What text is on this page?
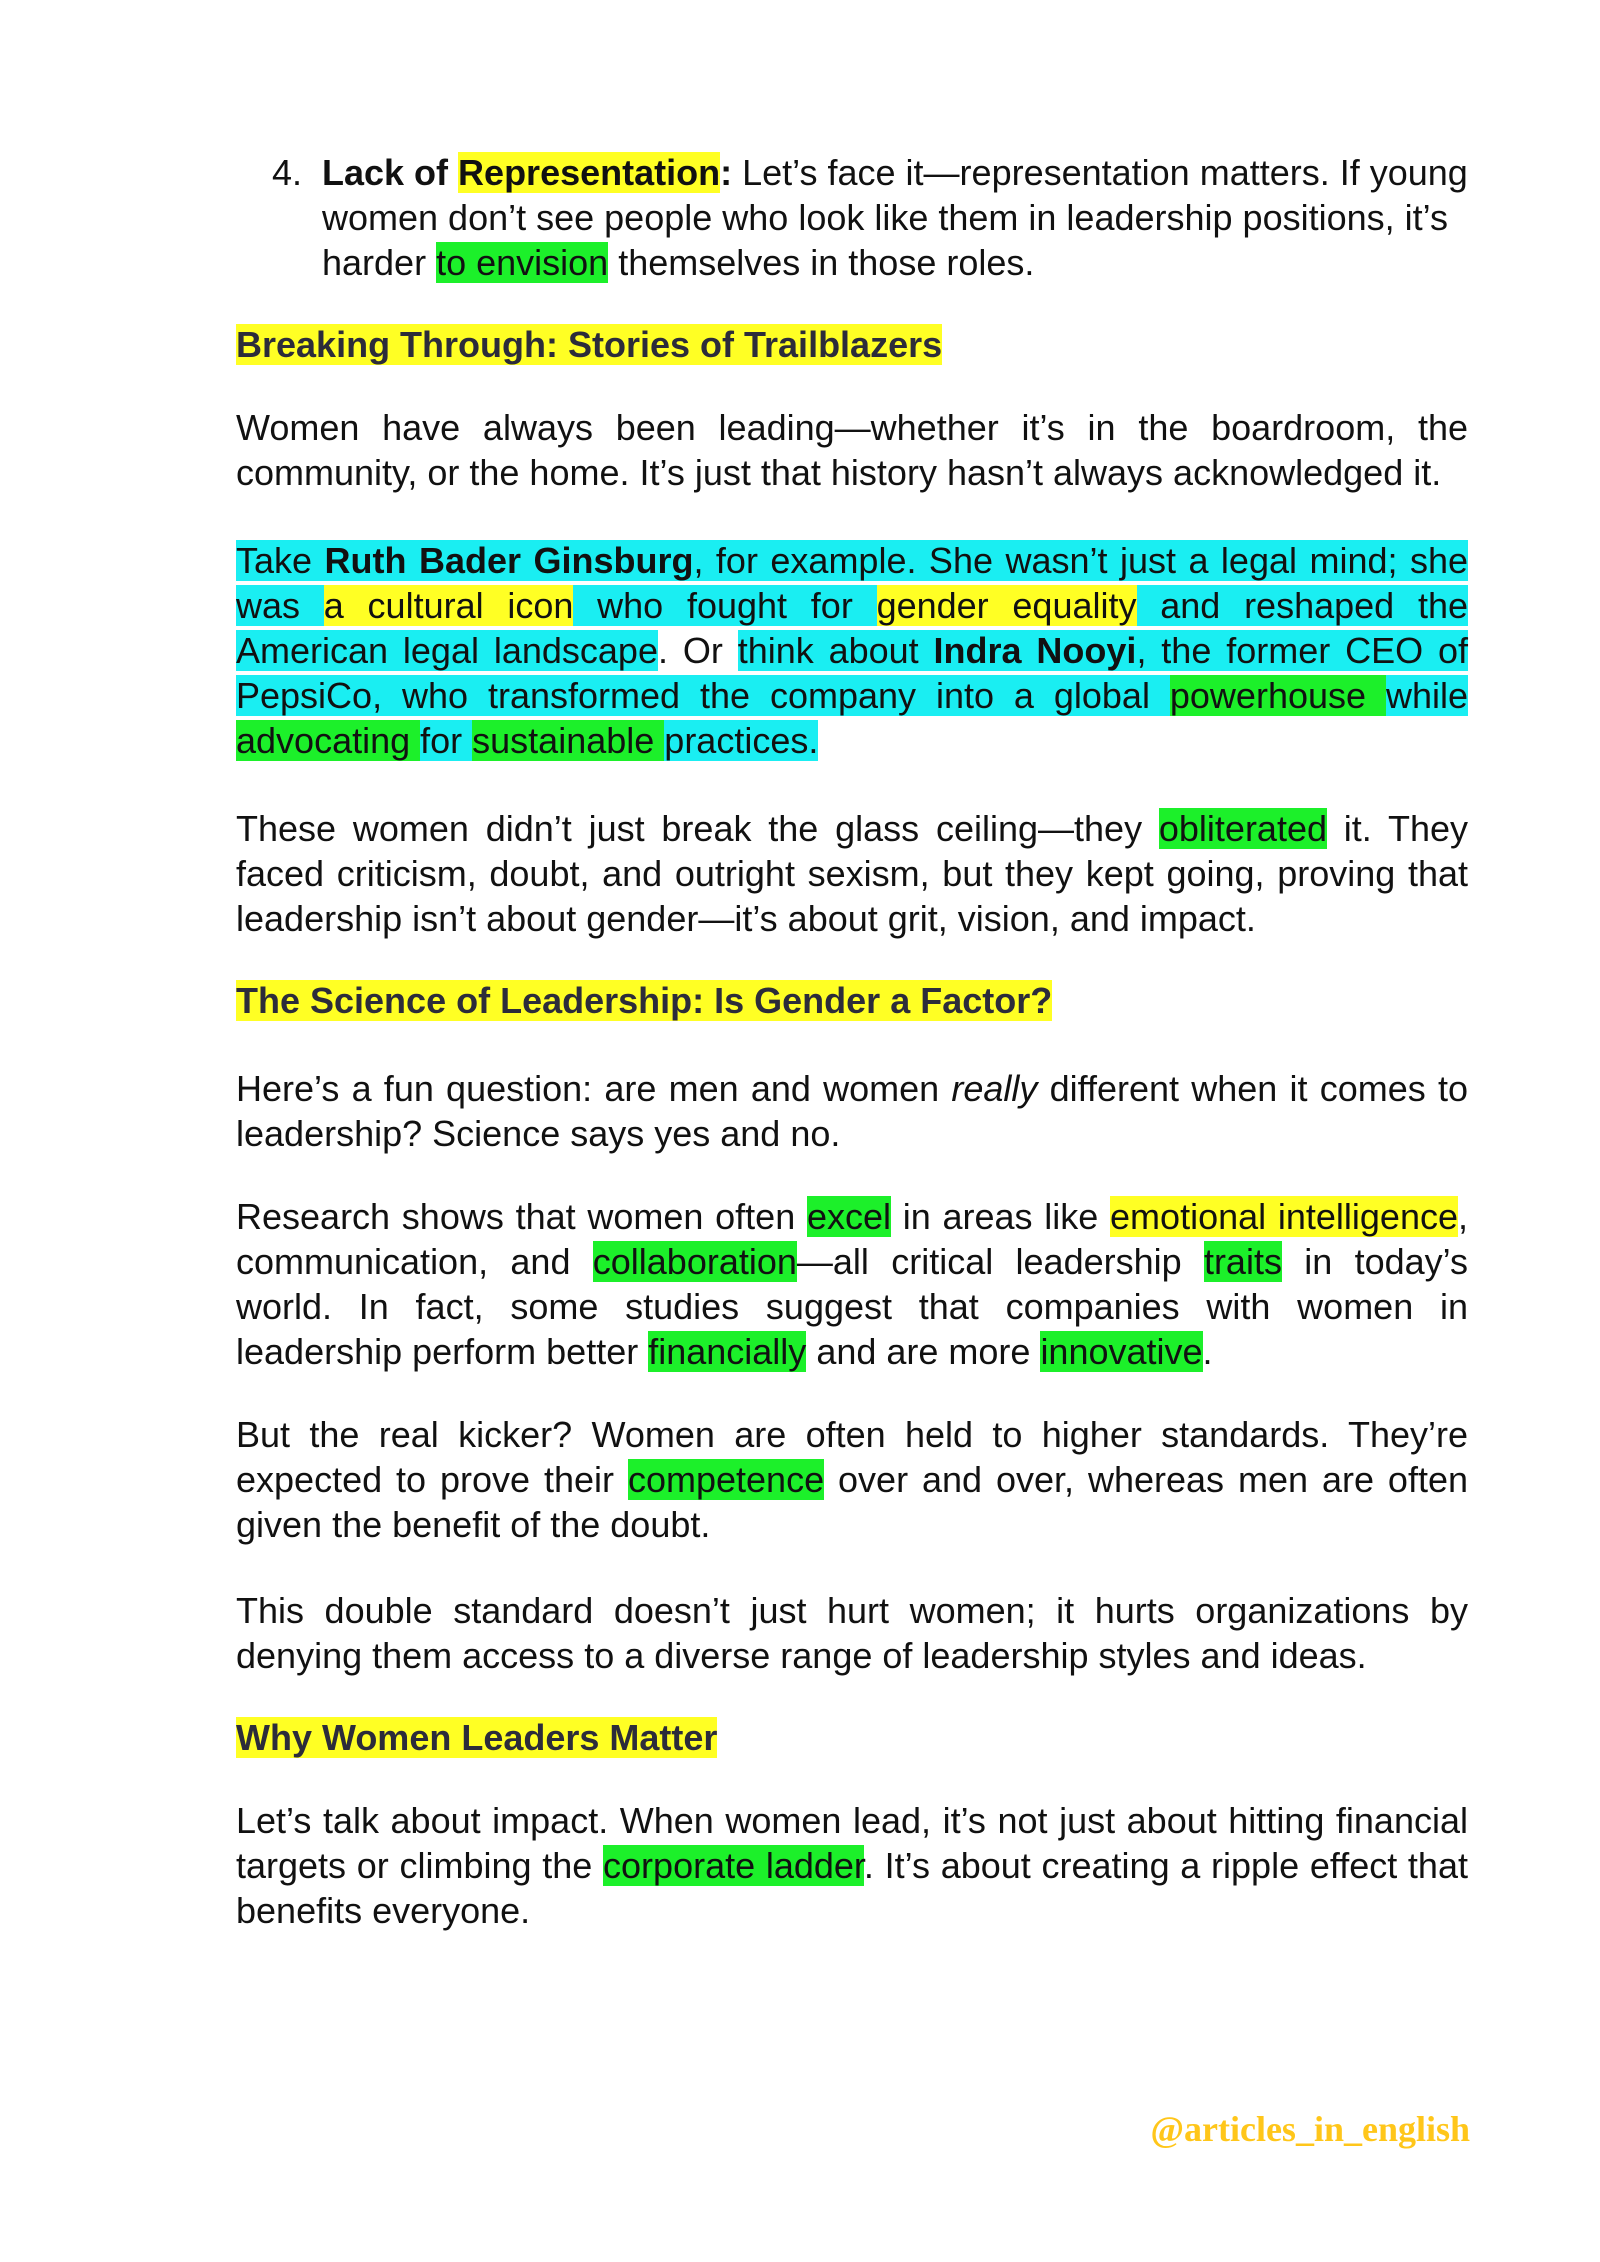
4. Lack of Representation: Let’s face it—representation matters. If young women don’t see people who look like them in leadership positions, it’s harder to envision themselves in those roles.

Breaking Through: Stories of Trailblazers

Women have always been leading—whether it’s in the boardroom, the community, or the home. It’s just that history hasn’t always acknowledged it.

Take Ruth Bader Ginsburg, for example. She wasn’t just a legal mind; she was a cultural icon who fought for gender equality and reshaped the American legal landscape. Or think about Indra Nooyi, the former CEO of PepsiCo, who transformed the company into a global powerhouse while advocating for sustainable practices.

These women didn’t just break the glass ceiling—they obliterated it. They faced criticism, doubt, and outright sexism, but they kept going, proving that leadership isn’t about gender—it’s about grit, vision, and impact.

The Science of Leadership: Is Gender a Factor?

Here’s a fun question: are men and women really different when it comes to leadership? Science says yes and no.

Research shows that women often excel in areas like emotional intelligence, communication, and collaboration—all critical leadership traits in today’s world. In fact, some studies suggest that companies with women in leadership perform better financially and are more innovative.

But the real kicker? Women are often held to higher standards. They’re expected to prove their competence over and over, whereas men are often given the benefit of the doubt.

This double standard doesn’t just hurt women; it hurts organizations by denying them access to a diverse range of leadership styles and ideas.

Why Women Leaders Matter

Let’s talk about impact. When women lead, it’s not just about hitting financial targets or climbing the corporate ladder. It’s about creating a ripple effect that benefits everyone.

@articles_in_english
